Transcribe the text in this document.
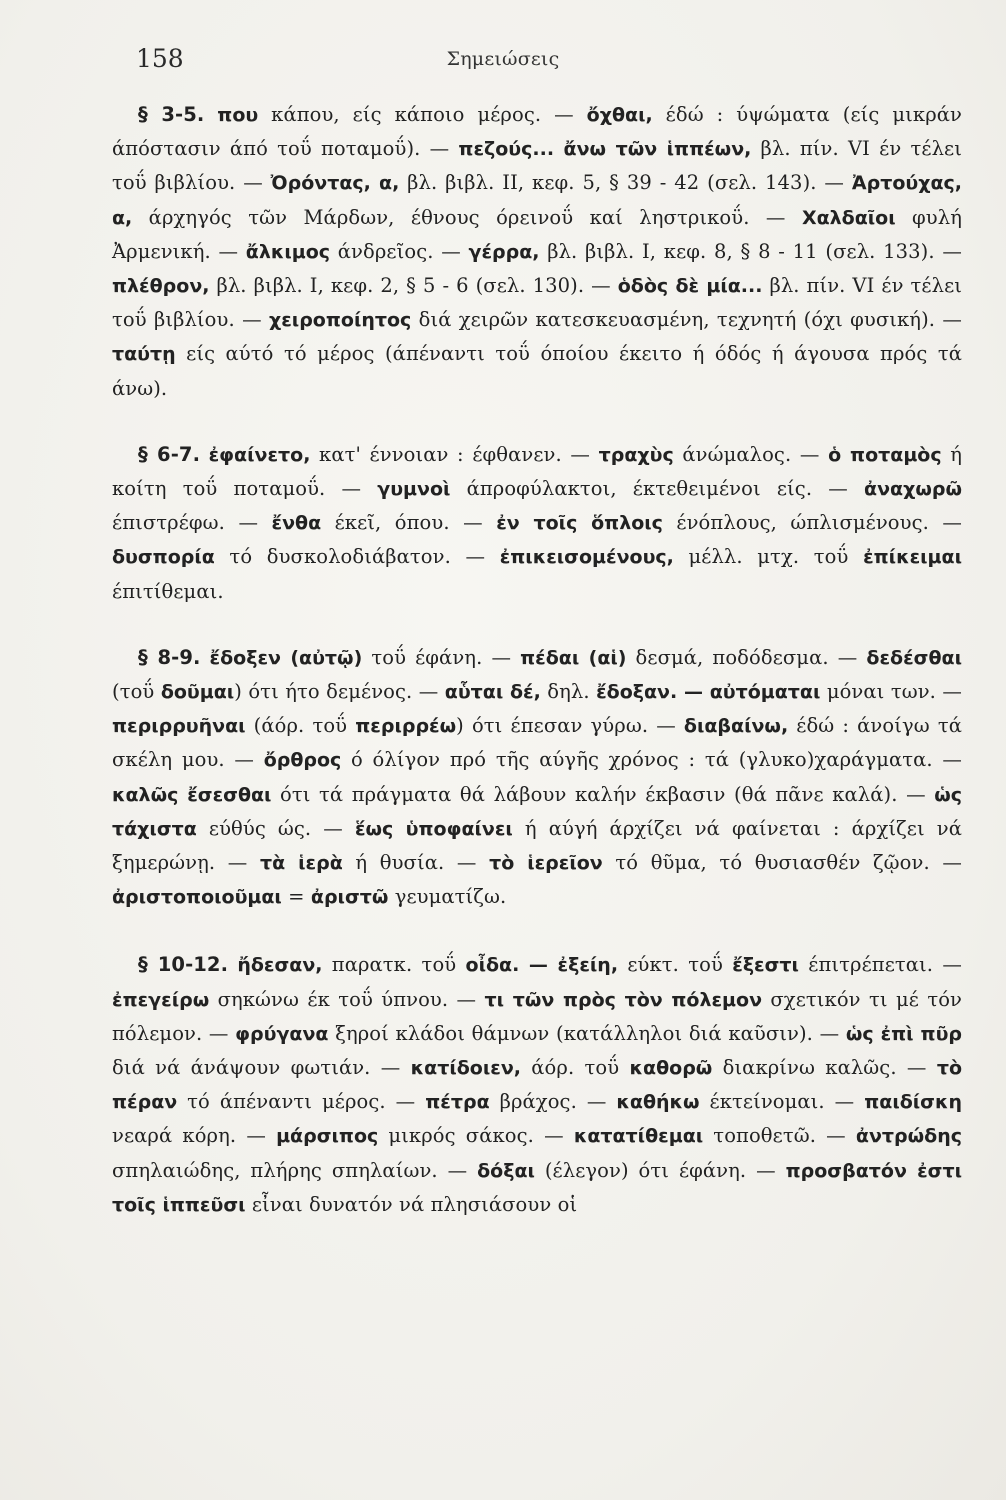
158	Σημειώσεις

§ 3-5. που κάπου, είς κάποιο μέρος. — ὄχθαι, έδώ : ύψώματα (είς μικράν άπόστασιν άπό τοΰ ποταμοΰ). — πεζούς... ἄνω τῶν ἱππέων, βλ. πίν. VI έν τέλει τοΰ βιβλίου. — Ὀρόντας, α, βλ. βιβλ. II, κεφ. 5, § 39 - 42 (σελ. 143). — Ἀρτούχας, α, άρχηγός τῶν Μάρδων, έθνους όρεινοΰ καί ληστρικοΰ. — Χαλδαῖοι φυλή Ἀρμενική. — ἄλκιμος άνδρεῖος. — γέρρα, βλ. βιβλ. I, κεφ. 8, § 8 - 11 (σελ. 133). — πλέθρον, βλ. βιβλ. I, κεφ. 2, § 5 - 6 (σελ. 130). — ὁδὸς δὲ μία... βλ. πίν. VI έν τέλει τοΰ βιβλίου. — χειροποίητος διά χειρῶν κατεσκευασμένη, τεχνητή (όχι φυσική). — ταύτῃ είς αύτό τό μέρος (άπέναντι τοΰ όποίου έκειτο ή όδός ή άγουσα πρός τά άνω).

§ 6-7. ἐφαίνετο, κατ' έννοιαν : έφθανεν. — τραχὺς άνώμαλος. — ὁ ποταμὸς ή κοίτη τοΰ ποταμοΰ. — γυμνοὶ άπροφύλακτοι, έκτεθειμένοι είς. — ἀναχωρῶ έπιστρέφω. — ἔνθα έκεῖ, όπου. — ἐν τοῖς ὅπλοις ένόπλους, ώπλισμένους. — δυσπορία τό δυσκολοδιάβατον. — ἐπικεισομένους, μέλλ. μτχ. τοΰ ἐπίκειμαι έπιτίθεμαι.

§ 8-9. ἔδοξεν (αὐτῷ) τοΰ έφάνη. — πέδαι (αἱ) δεσμά, ποδόδεσμα. — δεδέσθαι (τοΰ δοῦμαι) ότι ήτο δεμένος. — αὗται δέ, δηλ. ἔδοξαν. — αὐτόμαται μόναι των. — περιρρυῆναι (άόρ. τοΰ περιρρέω) ότι έπεσαν γύρω. — διαβαίνω, έδώ : άνοίγω τά σκέλη μου. — ὄρθρος ό όλίγον πρό τῆς αύγῆς χρόνος : τά (γλυκο)χαράγματα. — καλῶς ἔσεσθαι ότι τά πράγματα θά λάβουν καλήν έκβασιν (θά πᾶνε καλά). — ὡς τάχιστα εύθύς ώς. — ἕως ὑποφαίνει ή αύγή άρχίζει νά φαίνεται : άρχίζει νά ξημερώνῃ. — τὰ ἱερὰ ή θυσία. — τὸ ἱερεῖον τό θῦμα, τό θυσιασθέν ζῷον. — ἀριστοποιοῦμαι = ἀριστῶ γευματίζω.

§ 10-12. ἤδεσαν, παρατκ. τοΰ οἶδα. — ἐξείη, εύκτ. τοΰ ἔξεστι έπιτρέπεται. — ἐπεγείρω σηκώνω έκ τοΰ ύπνου. — τι τῶν πρὸς τὸν πόλεμον σχετικόν τι μέ τόν πόλεμον. — φρύγανα ξηροί κλάδοι θάμνων (κατάλληλοι διά καῦσιν). — ὡς ἐπὶ πῦρ διά νά άνάψουν φωτιάν. — κατίδοιεν, άόρ. τοΰ καθορῶ διακρίνω καλῶς. — τὸ πέραν τό άπέναντι μέρος. — πέτρα βράχος. — καθήκω έκτείνομαι. — παιδίσκη νεαρά κόρη. — μάρσιπος μικρός σάκος. — κατατίθεμαι τοποθετῶ. — ἀντρώδης σπηλαιώδης, πλήρης σπηλαίων. — δόξαι (έλεγον) ότι έφάνη. — προσβατόν ἐστι τοῖς ἱππεῦσι εἶναι δυνατόν νά πλησιάσουν οἱ
